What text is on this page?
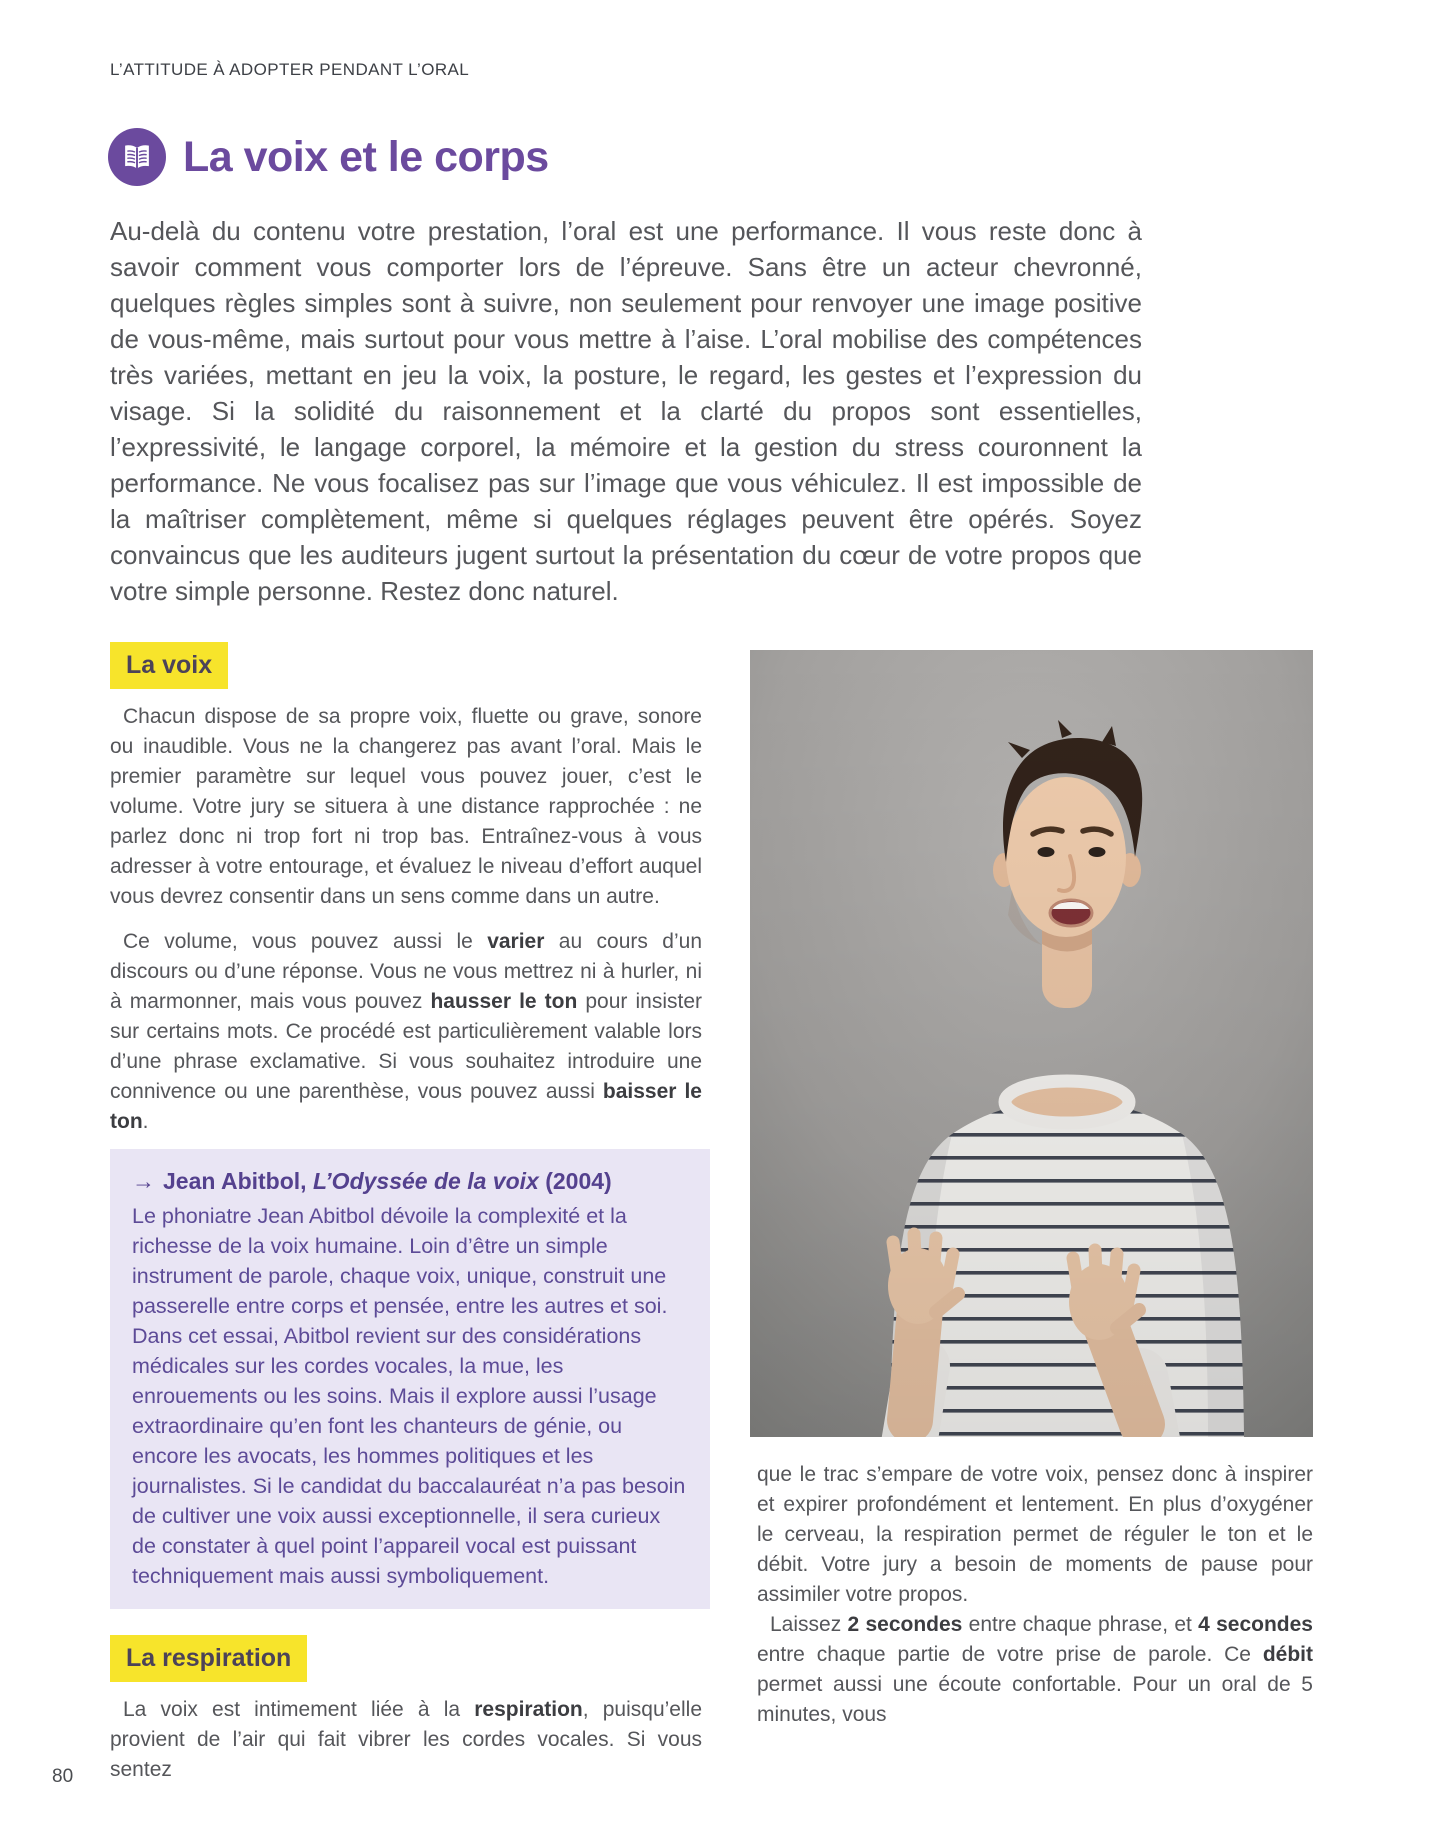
L’ATTITUDE À ADOPTER PENDANT L’ORAL
La voix et le corps

Au-delà du contenu votre prestation, l’oral est une performance. Il vous reste donc à savoir comment vous comporter lors de l’épreuve. Sans être un acteur chevronné, quelques règles simples sont à suivre, non seulement pour renvoyer une image positive de vous-même, mais surtout pour vous mettre à l’aise. L’oral mobilise des compétences très variées, mettant en jeu la voix, la posture, le regard, les gestes et l’expression du visage. Si la solidité du raisonnement et la clarté du propos sont essentielles, l’expressivité, le langage corporel, la mémoire et la gestion du stress couronnent la performance. Ne vous focalisez pas sur l’image que vous véhiculez. Il est impossible de la maîtriser complètement, même si quelques réglages peuvent être opérés. Soyez convaincus que les auditeurs jugent surtout la présentation du cœur de votre propos que votre simple personne. Restez donc naturel.

La voix

Chacun dispose de sa propre voix, fluette ou grave, sonore ou inaudible. Vous ne la changerez pas avant l’oral. Mais le premier paramètre sur lequel vous pouvez jouer, c’est le volume. Votre jury se situera à une distance rapprochée : ne parlez donc ni trop fort ni trop bas. Entraînez-vous à vous adresser à votre entourage, et évaluez le niveau d’effort auquel vous devrez consentir dans un sens comme dans un autre.

Ce volume, vous pouvez aussi le varier au cours d’un discours ou d’une réponse. Vous ne vous mettrez ni à hurler, ni à marmonner, mais vous pouvez hausser le ton pour insister sur certains mots. Ce procédé est particulièrement valable lors d’une phrase exclamative. Si vous souhaitez introduire une connivence ou une parenthèse, vous pouvez aussi baisser le ton.

→ Jean Abitbol, L’Odyssée de la voix (2004)

Le phoniatre Jean Abitbol dévoile la complexité et la richesse de la voix humaine. Loin d’être un simple instrument de parole, chaque voix, unique, construit une passerelle entre corps et pensée, entre les autres et soi. Dans cet essai, Abitbol revient sur des considérations médicales sur les cordes vocales, la mue, les enrouements ou les soins. Mais il explore aussi l’usage extraordinaire qu’en font les chanteurs de génie, ou encore les avocats, les hommes politiques et les journalistes. Si le candidat du baccalauréat n’a pas besoin de cultiver une voix aussi exceptionnelle, il sera curieux de constater à quel point l’appareil vocal est puissant techniquement mais aussi symboliquement.

La respiration

La voix est intimement liée à la respiration, puisqu’elle provient de l’air qui fait vibrer les cordes vocales. Si vous sentez

que le trac s’empare de votre voix, pensez donc à inspirer et expirer profondément et lentement. En plus d’oxygéner le cerveau, la respiration permet de réguler le ton et le débit. Votre jury a besoin de moments de pause pour assimiler votre propos.

Laissez 2 secondes entre chaque phrase, et 4 secondes entre chaque partie de votre prise de parole. Ce débit permet aussi une écoute confortable. Pour un oral de 5 minutes, vous

80
